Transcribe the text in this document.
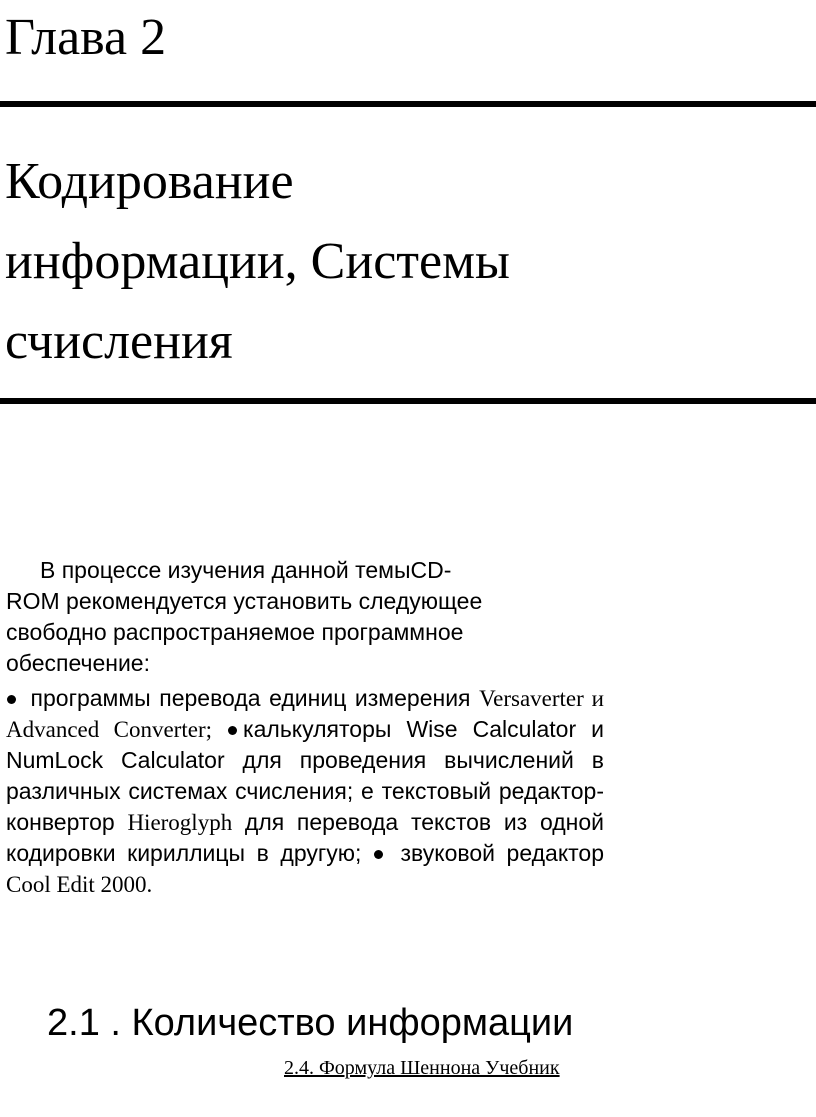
Глава 2
Кодирование
информации, Системы
счисления

В процессе изучения данной темыCD-
ROM рекомендуется установить следующее
свободно распространяемое программное
обеспечение:

программы перевода единиц измерения Versaverter и Advanced Converter; калькуляторы Wise Calculator и NumLock Calculator для проведения вычислений в различных системах счисления; е текстовый редактор-конвертор Hieroglyph для перевода текстов из одной кодировки кириллицы в другую; звуковой редактор Cool Edit 2000.

2.1 . Количество информации
2.4. Формула Шеннона Учебник
